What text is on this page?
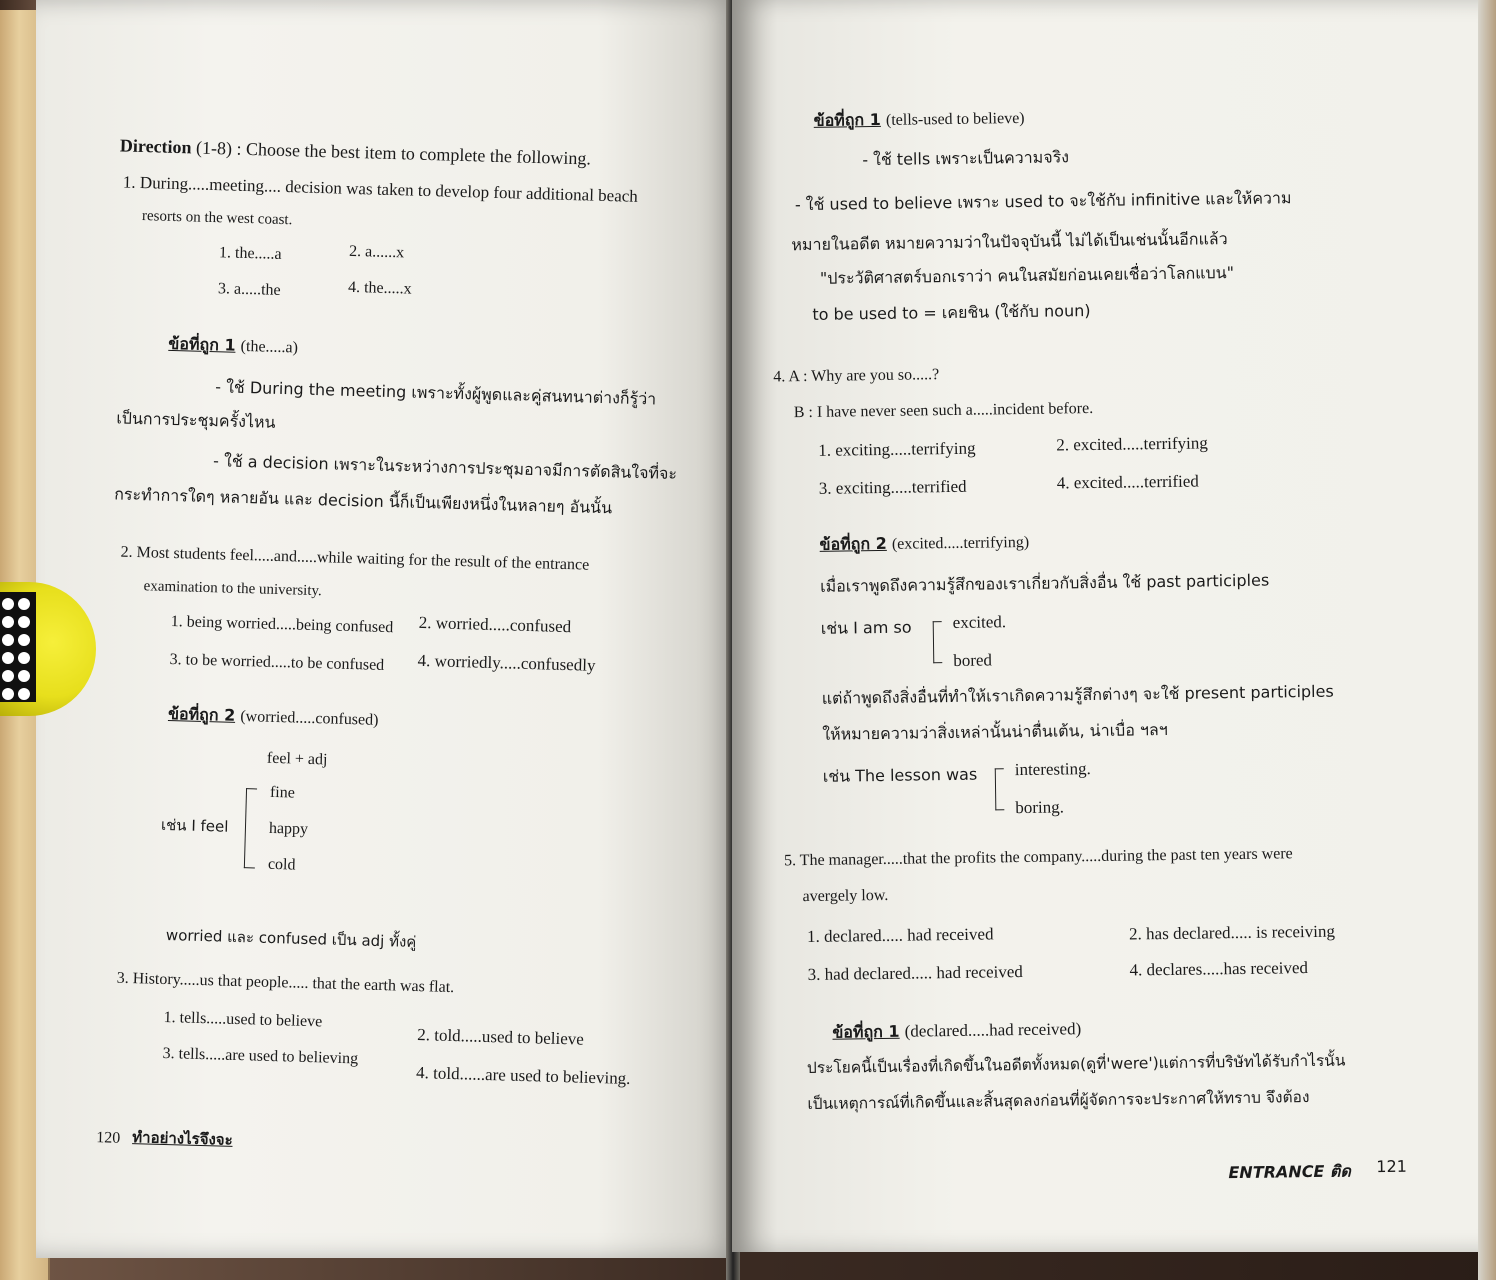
Direction (1-8) : Choose the best item to complete the following.
1. During.....meeting.... decision was taken to develop four additional beach
resorts on the west coast.
1. the.....a	2. a......x
3. a.....the	4. the.....x
ข้อที่ถูก 1 (the.....a)
- ใช้ During the meeting เพราะทั้งผู้พูดและคู่สนทนาต่างก็รู้ว่า
เป็นการประชุมครั้งไหน
- ใช้ a decision เพราะในระหว่างการประชุมอาจมีการตัดสินใจที่จะ
กระทำการใดๆ หลายอัน และ decision นี้ก็เป็นเพียงหนึ่งในหลายๆ อันนั้น
2. Most students feel.....and.....while waiting for the result of the entrance
examination to the university.
1. being worried.....being confused 2. worried.....confused
3. to be worried.....to be confused 4. worriedly.....confusedly
ข้อที่ถูก 2 (worried.....confused)
feel + adj
เช่น I feel
fine
happy
cold
worried และ confused เป็น adj ทั้งคู่
3. History.....us that people..... that the earth was flat.
1. tells.....used to believe
2. told.....used to believe
3. tells.....are used to believing
4. told......are used to believing.
120 ทำอย่างไรจึงจะ
ข้อที่ถูก 1 (tells-used to believe)
- ใช้ tells เพราะเป็นความจริง
- ใช้ used to believe เพราะ used to จะใช้กับ infinitive และให้ความ
หมายในอดีต หมายความว่าในปัจจุบันนี้ ไม่ได้เป็นเช่นนั้นอีกแล้ว
"ประวัติศาสตร์บอกเราว่า คนในสมัยก่อนเคยเชื่อว่าโลกแบน"
to be used to = เคยชิน (ใช้กับ noun)
4. A : Why are you so.....?
B : I have never seen such a.....incident before.
1. exciting.....terrifying	2. excited.....terrifying
3. exciting.....terrified	4. excited.....terrified
ข้อที่ถูก 2 (excited.....terrifying)
เมื่อเราพูดถึงความรู้สึกของเราเกี่ยวกับสิ่งอื่น ใช้ past participles
เช่น I am so excited.
bored
แต่ถ้าพูดถึงสิ่งอื่นที่ทำให้เราเกิดความรู้สึกต่างๆ จะใช้ present participles
ให้หมายความว่าสิ่งเหล่านั้นน่าตื่นเต้น, น่าเบื่อ ฯลฯ
เช่น The lesson was interesting.
boring.
5. The manager.....that the profits the company.....during the past ten years were
avergely low.
1. declared..... had received	2. has declared..... is receiving
3. had declared..... had received	4. declares.....has received
ข้อที่ถูก 1 (declared.....had received)
ประโยคนี้เป็นเรื่องที่เกิดขึ้นในอดีตทั้งหมด(ดูที่'were')แต่การที่บริษัทได้รับกำไรนั้น
เป็นเหตุการณ์ที่เกิดขึ้นและสิ้นสุดลงก่อนที่ผู้จัดการจะประกาศให้ทราบ จึงต้อง
ENTRANCE ติด 121
